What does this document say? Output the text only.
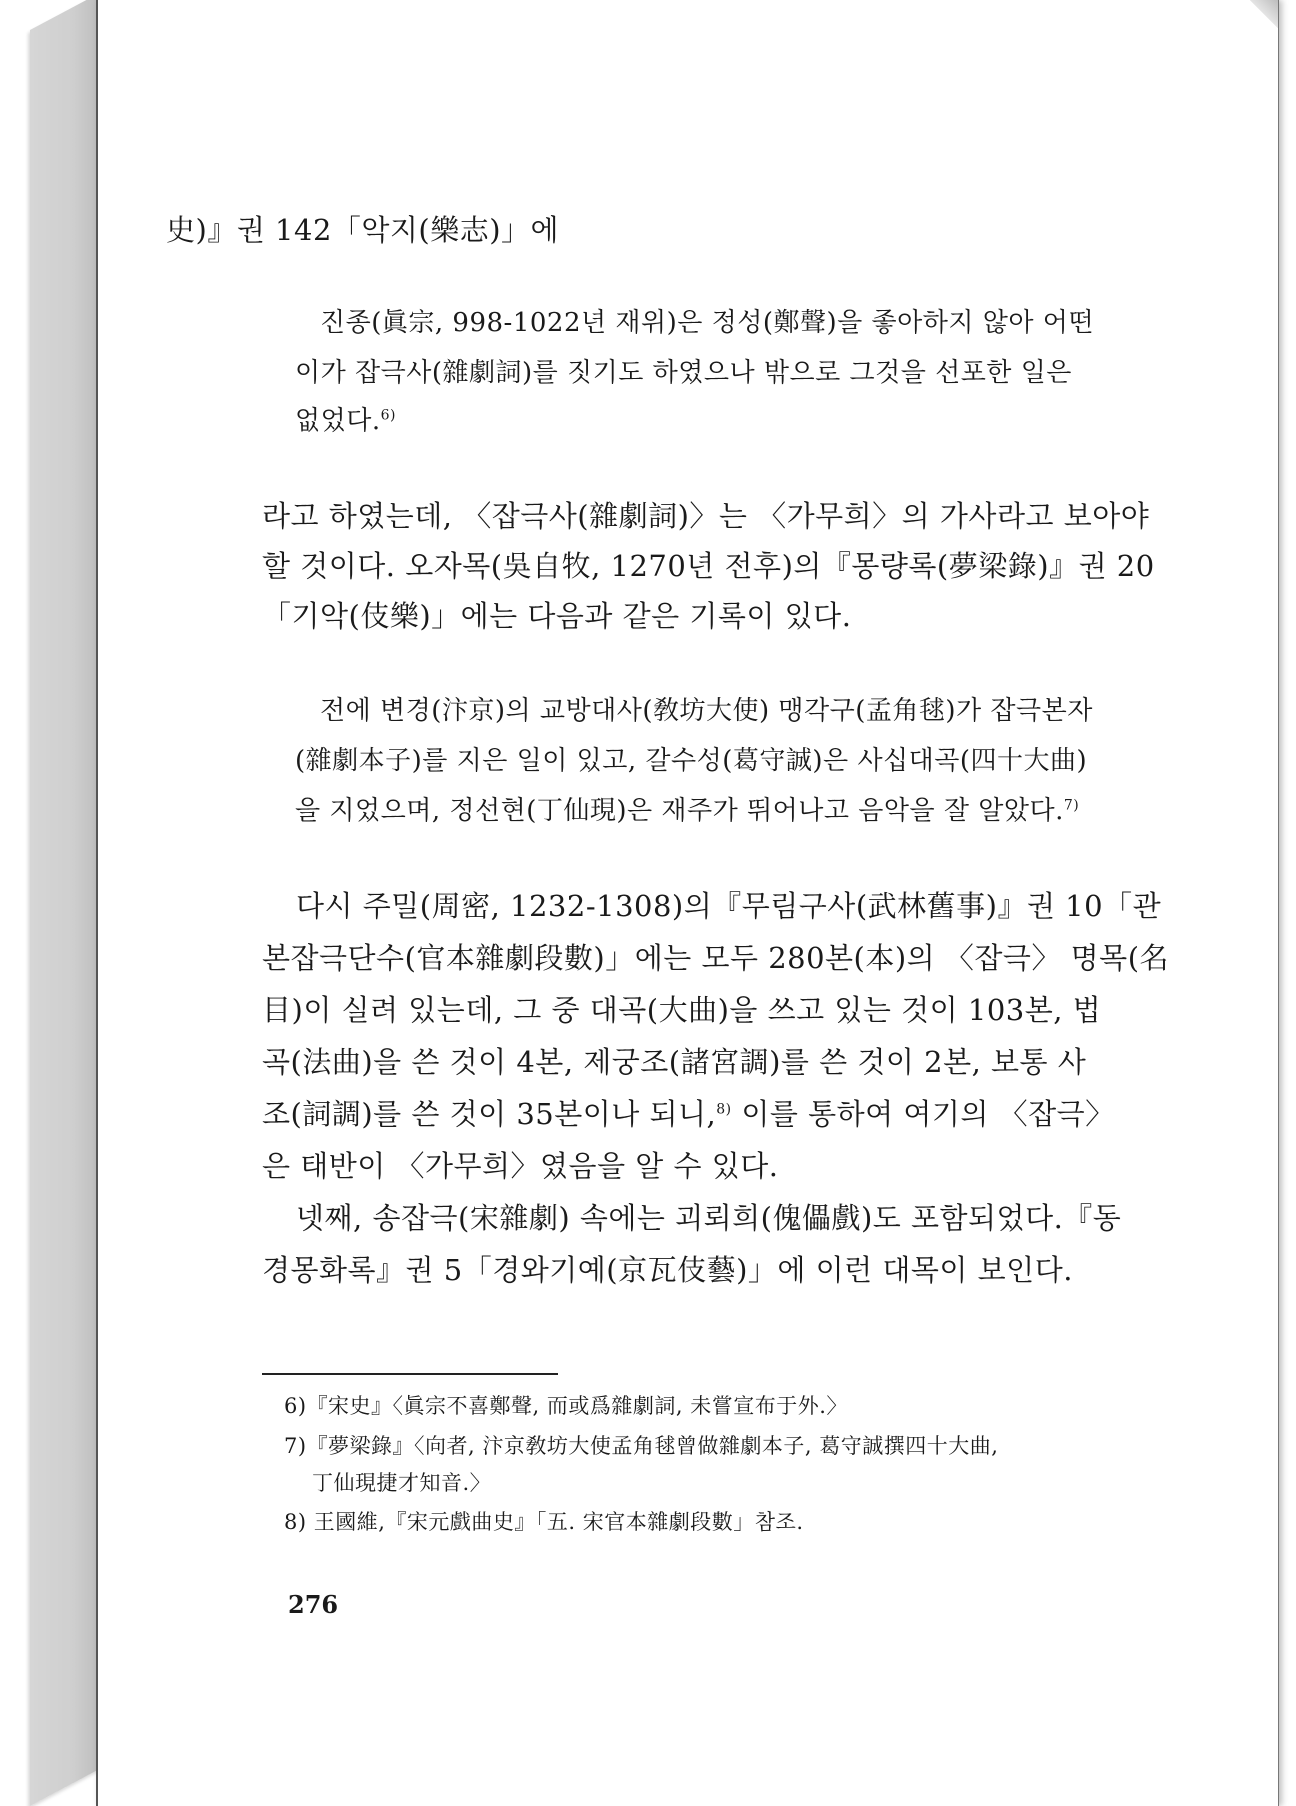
史)』권 142「악지(樂志)」에
진종(眞宗, 998-1022년 재위)은 정성(鄭聲)을 좋아하지 않아 어떤
이가 잡극사(雜劇詞)를 짓기도 하였으나 밖으로 그것을 선포한 일은
없었다.$^{6)}$
라고 하였는데, 〈잡극사(雜劇詞)〉는 〈가무희〉의 가사라고 보아야
할 것이다. 오자목(吳自牧, 1270년 전후)의『몽량록(夢梁錄)』권 20
「기악(伎樂)」에는 다음과 같은 기록이 있다.
전에 변경(汴京)의 교방대사(敎坊大使) 맹각구(孟角毬)가 잡극본자
(雜劇本子)를 지은 일이 있고, 갈수성(葛守誠)은 사십대곡(四十大曲)
을 지었으며, 정선현(丁仙現)은 재주가 뛰어나고 음악을 잘 알았다.$^{7)}$
다시 주밀(周密, 1232-1308)의『무림구사(武林舊事)』권 10「관
본잡극단수(官本雜劇段數)」에는 모두 280본(本)의 〈잡극〉 명목(名
目)이 실려 있는데, 그 중 대곡(大曲)을 쓰고 있는 것이 103본, 법
곡(法曲)을 쓴 것이 4본, 제궁조(諸宮調)를 쓴 것이 2본, 보통 사
조(詞調)를 쓴 것이 35본이나 되니,$^{8)}$ 이를 통하여 여기의 〈잡극〉
은 태반이 〈가무희〉였음을 알 수 있다.
넷째, 송잡극(宋雜劇) 속에는 괴뢰희(傀儡戲)도 포함되었다.『동
경몽화록』권 5「경와기예(京瓦伎藝)」에 이런 대목이 보인다.
6)『宋史』〈眞宗不喜鄭聲, 而或爲雜劇詞, 未嘗宣布于外.〉
7)『夢梁錄』〈向者, 汴京敎坊大使孟角毬曾做雜劇本子, 葛守誠撰四十大曲,
丁仙現捷才知音.〉
8) 王國維,『宋元戲曲史』「五. 宋官本雜劇段數」참조.
276
